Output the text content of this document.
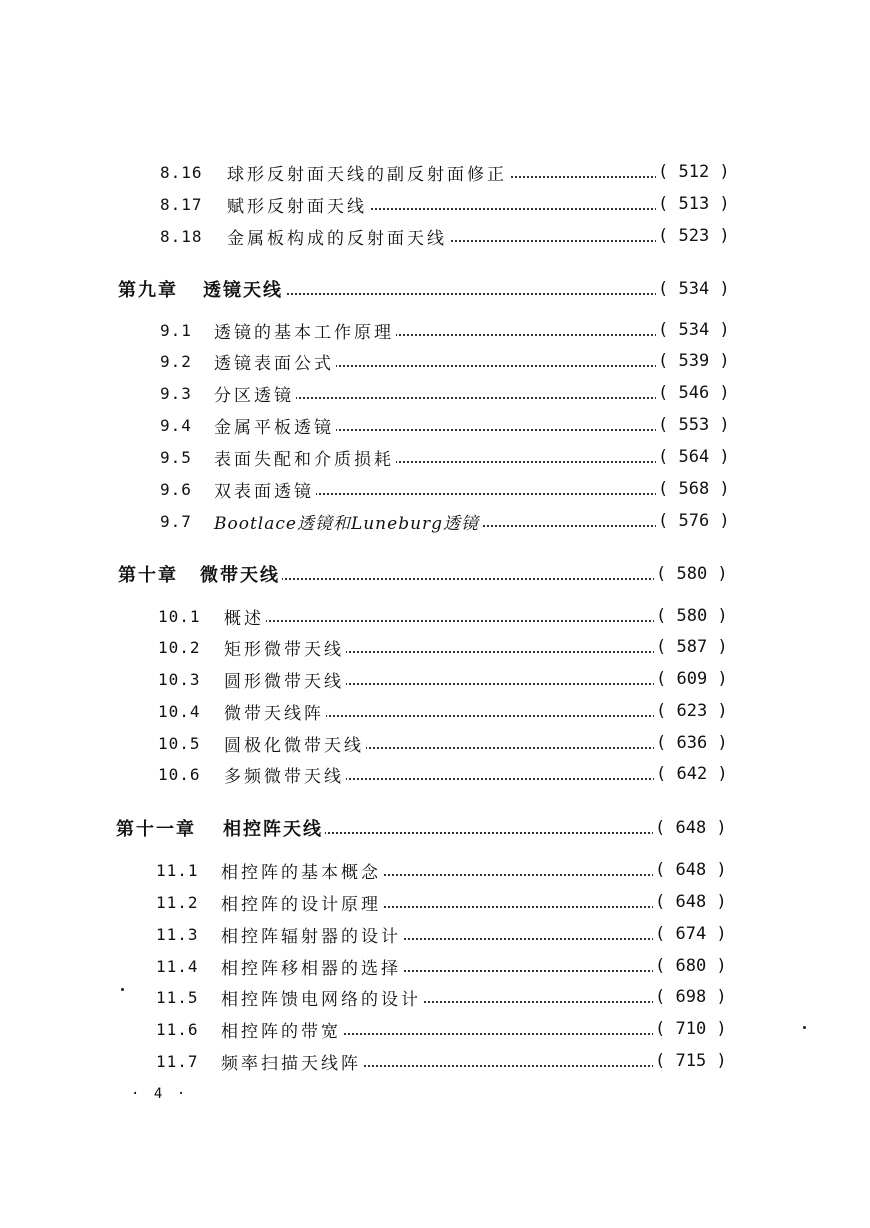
8.16 球形反射面天线的副反射面修正	( 512 )
8.17 赋形反射面天线	( 513 )
8.18 金属板构成的反射面天线	( 523 )
第九章 透镜天线	( 534 )
9.1 透镜的基本工作原理	( 534 )
9.2 透镜表面公式	( 539 )
9.3 分区透镜	( 546 )
9.4 金属平板透镜	( 553 )
9.5 表面失配和介质损耗	( 564 )
9.6 双表面透镜	( 568 )
9.7 Bootlace透镜和Luneburg透镜	( 576 )
第十章 微带天线	( 580 )
10.1 概述	( 580 )
10.2 矩形微带天线	( 587 )
10.3 圆形微带天线	( 609 )
10.4 微带天线阵	( 623 )
10.5 圆极化微带天线	( 636 )
10.6 多频微带天线	( 642 )
第十一章 相控阵天线	( 648 )
11.1 相控阵的基本概念	( 648 )
11.2 相控阵的设计原理	( 648 )
11.3 相控阵辐射器的设计	( 674 )
11.4 相控阵移相器的选择	( 680 )
11.5 相控阵馈电网络的设计	( 698 )
11.6 相控阵的带宽	( 710 )
11.7 频率扫描天线阵	( 715 )
· 4 ·
